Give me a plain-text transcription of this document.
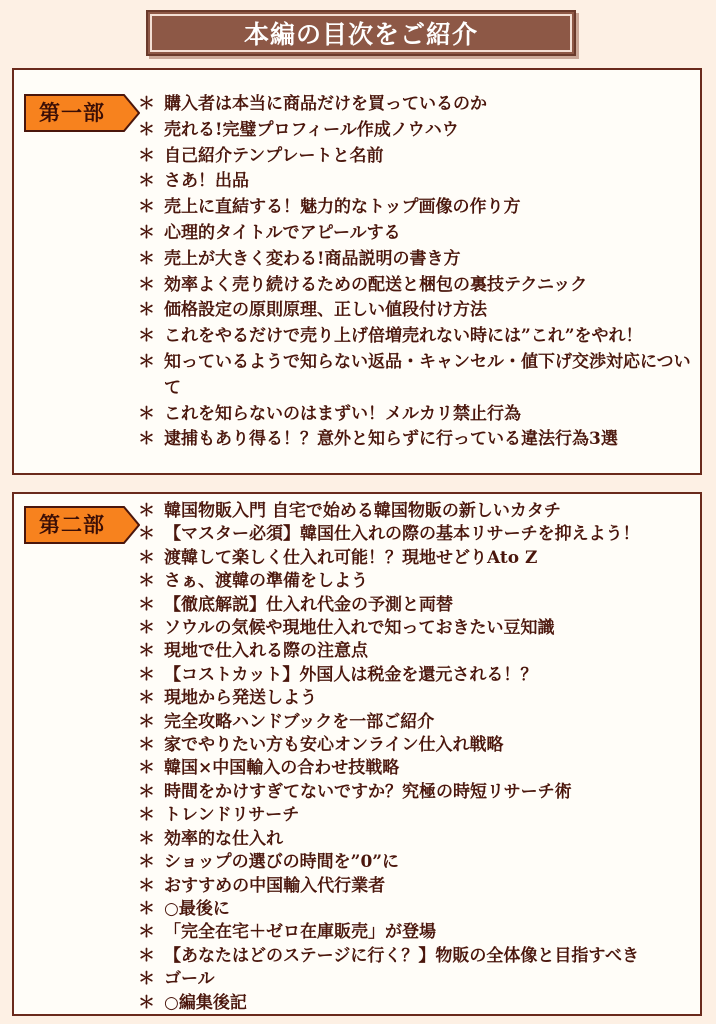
本編の目次をご紹介
第一部	＊ 購入者は本当に商品だけを買っているのか
＊ 売れる!完璧プロフィール作成ノウハウ
＊ 自己紹介テンプレートと名前
＊ さあ！出品
＊ 売上に直結する！魅力的なトップ画像の作り方
＊ 心理的タイトルでアピールする
＊ 売上が大きく変わる!商品説明の書き方
＊ 効率よく売り続けるための配送と梱包の裏技テクニック
＊ 価格設定の原則原理、正しい値段付け方法
＊ これをやるだけで売り上げ倍増売れない時には”これ”をやれ！
＊ 知っているようで知らない返品・キャンセル・値下げ交渉対応について
＊ これを知らないのはまずい！メルカリ禁止行為
＊ 逮捕もあり得る！？意外と知らずに行っている違法行為3選
第二部
＊ 韓国物販入門 自宅で始める韓国物販の新しいカタチ
＊ 【マスター必須】韓国仕入れの際の基本リサーチを抑えよう！
＊ 渡韓して楽しく仕入れ可能！？現地せどりAto Z
＊ さぁ、渡韓の準備をしよう
＊ 【徹底解説】仕入れ代金の予測と両替
＊ ソウルの気候や現地仕入れで知っておきたい豆知識
＊ 現地で仕入れる際の注意点
＊ 【コストカット】外国人は税金を還元される！？
＊ 現地から発送しよう
＊ 完全攻略ハンドブックを一部ご紹介
＊ 家でやりたい方も安心オンライン仕入れ戦略
＊ 韓国×中国輸入の合わせ技戦略
＊ 時間をかけすぎてないですか？究極の時短リサーチ術
＊ トレンドリサーチ
＊ 効率的な仕入れ
＊ ショップの選びの時間を”0”に
＊ おすすめの中国輸入代行業者
＊ ○最後に
＊ 「完全在宅＋ゼロ在庫販売」が登場
＊ 【あなたはどのステージに行く？】物販の全体像と目指すべき
＊ ゴール
＊ ○編集後記
